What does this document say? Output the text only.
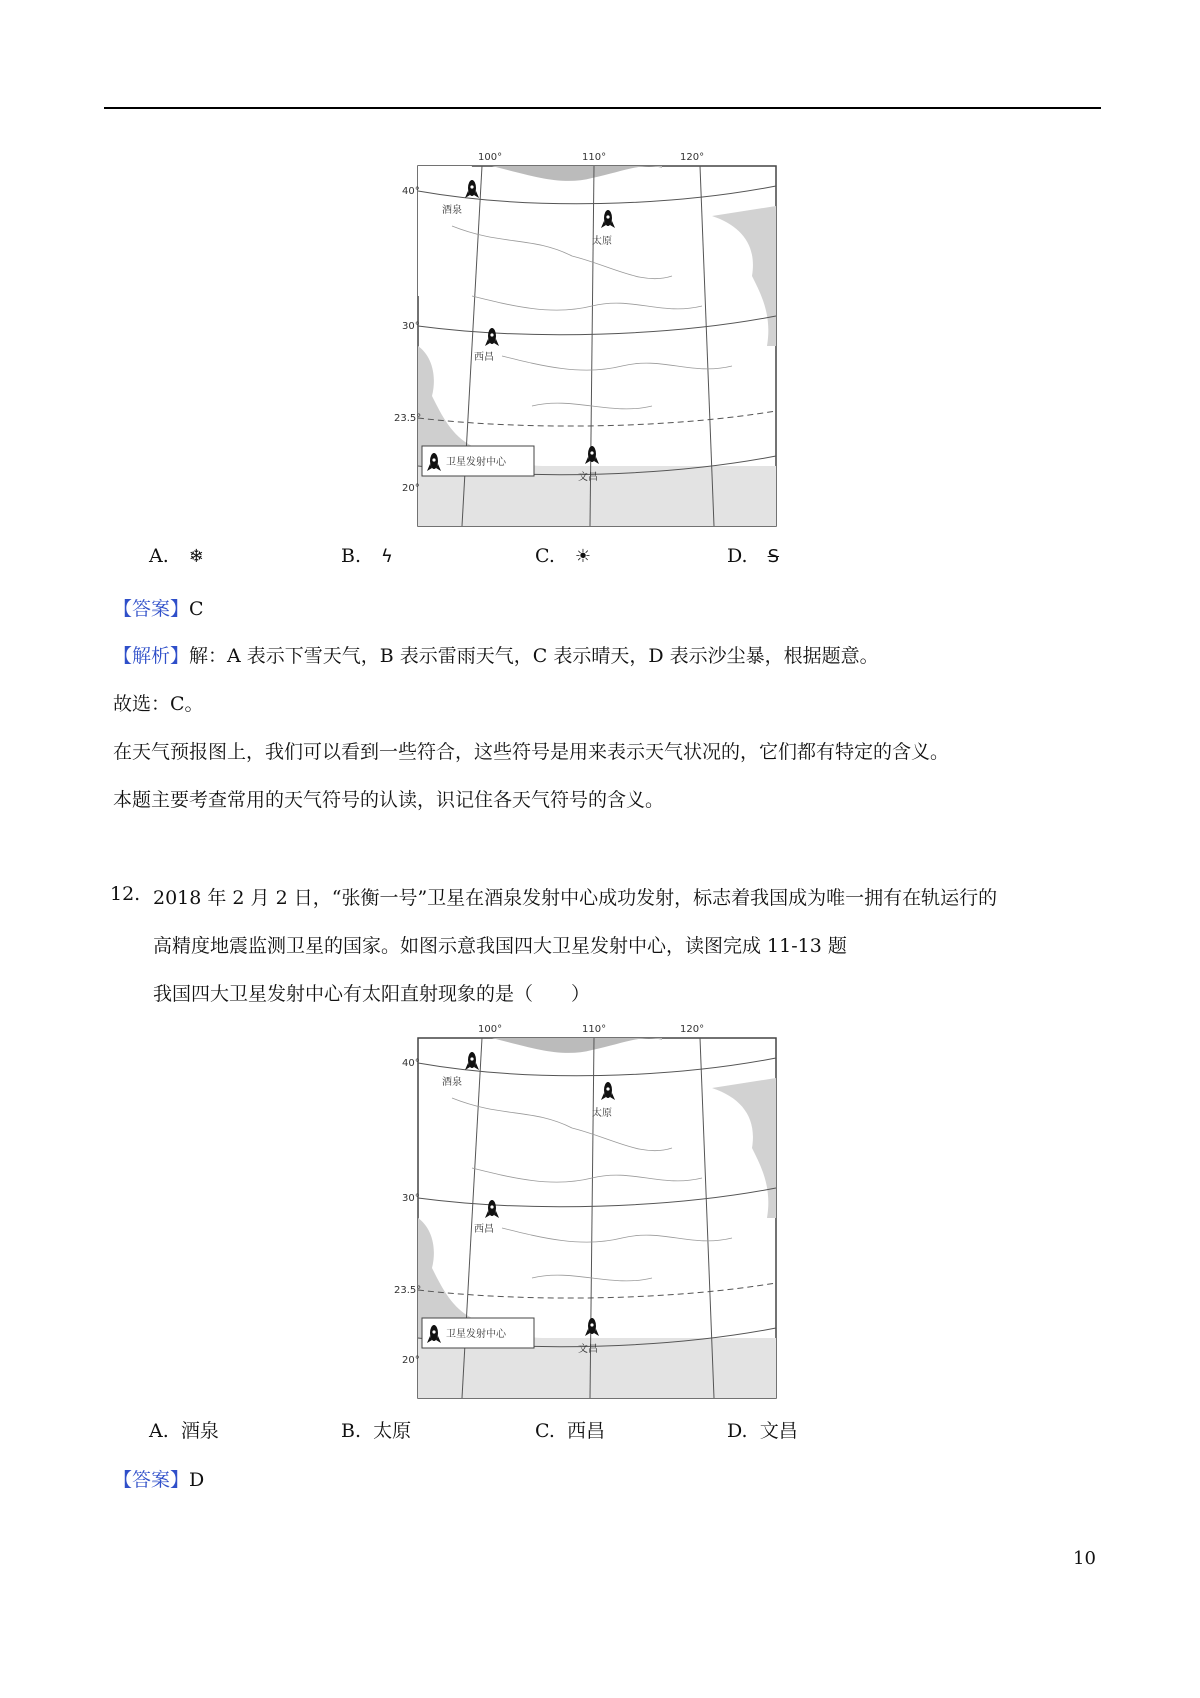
100°	110°	120°
40°
30°
23.5°
20°
酒泉
太原
西昌
文昌
卫星发射中心
A. ❄	B. ϟ	C. ☀	D. S
【答案】C
【解析】解：A 表示下雪天气，B 表示雷雨天气，C 表示晴天，D 表示沙尘暴，根据题意。
故选：C。
在天气预报图上，我们可以看到一些符合，这些符号是用来表示天气状况的，它们都有特定的含义。
本题主要考查常用的天气符号的认读，识记住各天气符号的含义。
12. 2018 年 2 月 2 日，“张衡一号”卫星在酒泉发射中心成功发射，标志着我国成为唯一拥有在轨运行的
高精度地震监测卫星的国家。如图示意我国四大卫星发射中心，读图完成 11-13 题
我国四大卫星发射中心有太阳直射现象的是（　　）
100°	110°	120°
40°
30°
23.5°
20°
酒泉
太原
西昌
文昌
卫星发射中心
A. 酒泉	B. 太原	C. 西昌	D. 文昌
【答案】D
10
